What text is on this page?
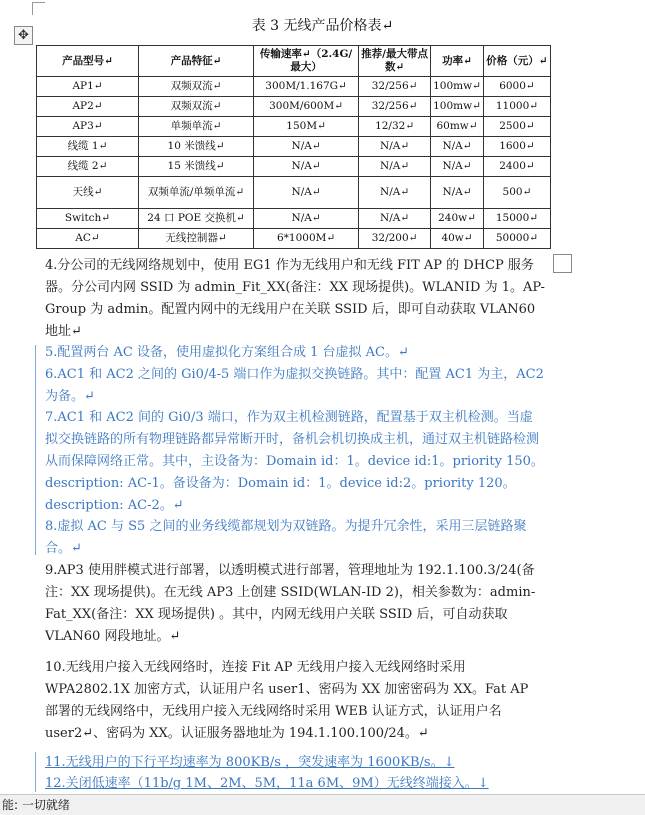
✥
表 3 无线产品价格表↵
产品型号↵	产品特征↵	传输速率↵（2.4G/最大）	推荐/最大带点数↵	功率↵	价格（元）↵
AP1↵	双频双流↵	300M/1.167G↵	32/256↵	100mw↵	6000↵
AP2↵	双频双流↵	300M/600M↵	32/256↵	100mw↵	11000↵
AP3↵	单频单流↵	150M↵	12/32↵	60mw↵	2500↵
线缆 1↵	10 米馈线↵	N/A↵	N/A↵	N/A↵	1600↵
线缆 2↵	15 米馈线↵	N/A↵	N/A↵	N/A↵	2400↵
天线↵	双频单流/单频单流↵	N/A↵	N/A↵	N/A↵	500↵
Switch↵	24 口 POE 交换机↵	N/A↵	N/A↵	240w↵	15000↵
AC↵	无线控制器↵	6*1000M↵	32/200↵	40w↵	50000↵
4.分公司的无线网络规划中，使用 EG1 作为无线用户和无线 FIT AP 的 DHCP 服务器。分公司内网 SSID 为 admin_Fit_XX(备注：XX 现场提供)。WLANID 为 1。AP-Group 为 admin。配置内网中的无线用户在关联 SSID 后，即可自动获取 VLAN60 地址↵
5.配置两台 AC 设备，使用虚拟化方案组合成 1 台虚拟 AC。↵
6.AC1 和 AC2 之间的 Gi0/4-5 端口作为虚拟交换链路。其中：配置 AC1 为主，AC2 为备。↵
7.AC1 和 AC2 间的 Gi0/3 端口，作为双主机检测链路，配置基于双主机检测。当虚拟交换链路的所有物理链路都异常断开时，备机会机切换成主机，通过双主机链路检测从而保障网络正常。其中，主设备为：Domain id：1。device id:1。priority 150。 description: AC-1。备设备为：Domain id：1。device id:2。priority 120。 description: AC-2。↵
8.虚拟 AC 与 S5 之间的业务线缆都规划为双链路。为提升冗余性，采用三层链路聚合。↵
9.AP3 使用胖模式进行部署，以透明模式进行部署，管理地址为 192.1.100.3/24(备注：XX 现场提供)。在无线 AP3 上创建 SSID(WLAN-ID 2)，相关参数为：admin-Fat_XX(备注：XX 现场提供) 。其中，内网无线用户关联 SSID 后，可自动获取 VLAN60 网段地址。↵
10.无线用户接入无线网络时，连接 Fit AP 无线用户接入无线网络时采用 WPA2802.1X 加密方式，认证用户名 user1、密码为 XX 加密密码为 XX。Fat AP 部署的无线网络中，无线用户接入无线网络时采用 WEB 认证方式，认证用户名 user2↵、密码为 XX。认证服务器地址为 194.1.100.100/24。↵
11.无线用户的下行平均速率为 800KB/s ，突发速率为 1600KB/s。↓
12.关闭低速率（11b/g 1M、2M、5M，11a 6M、9M）无线终端接入。↓
能: 一切就绪
